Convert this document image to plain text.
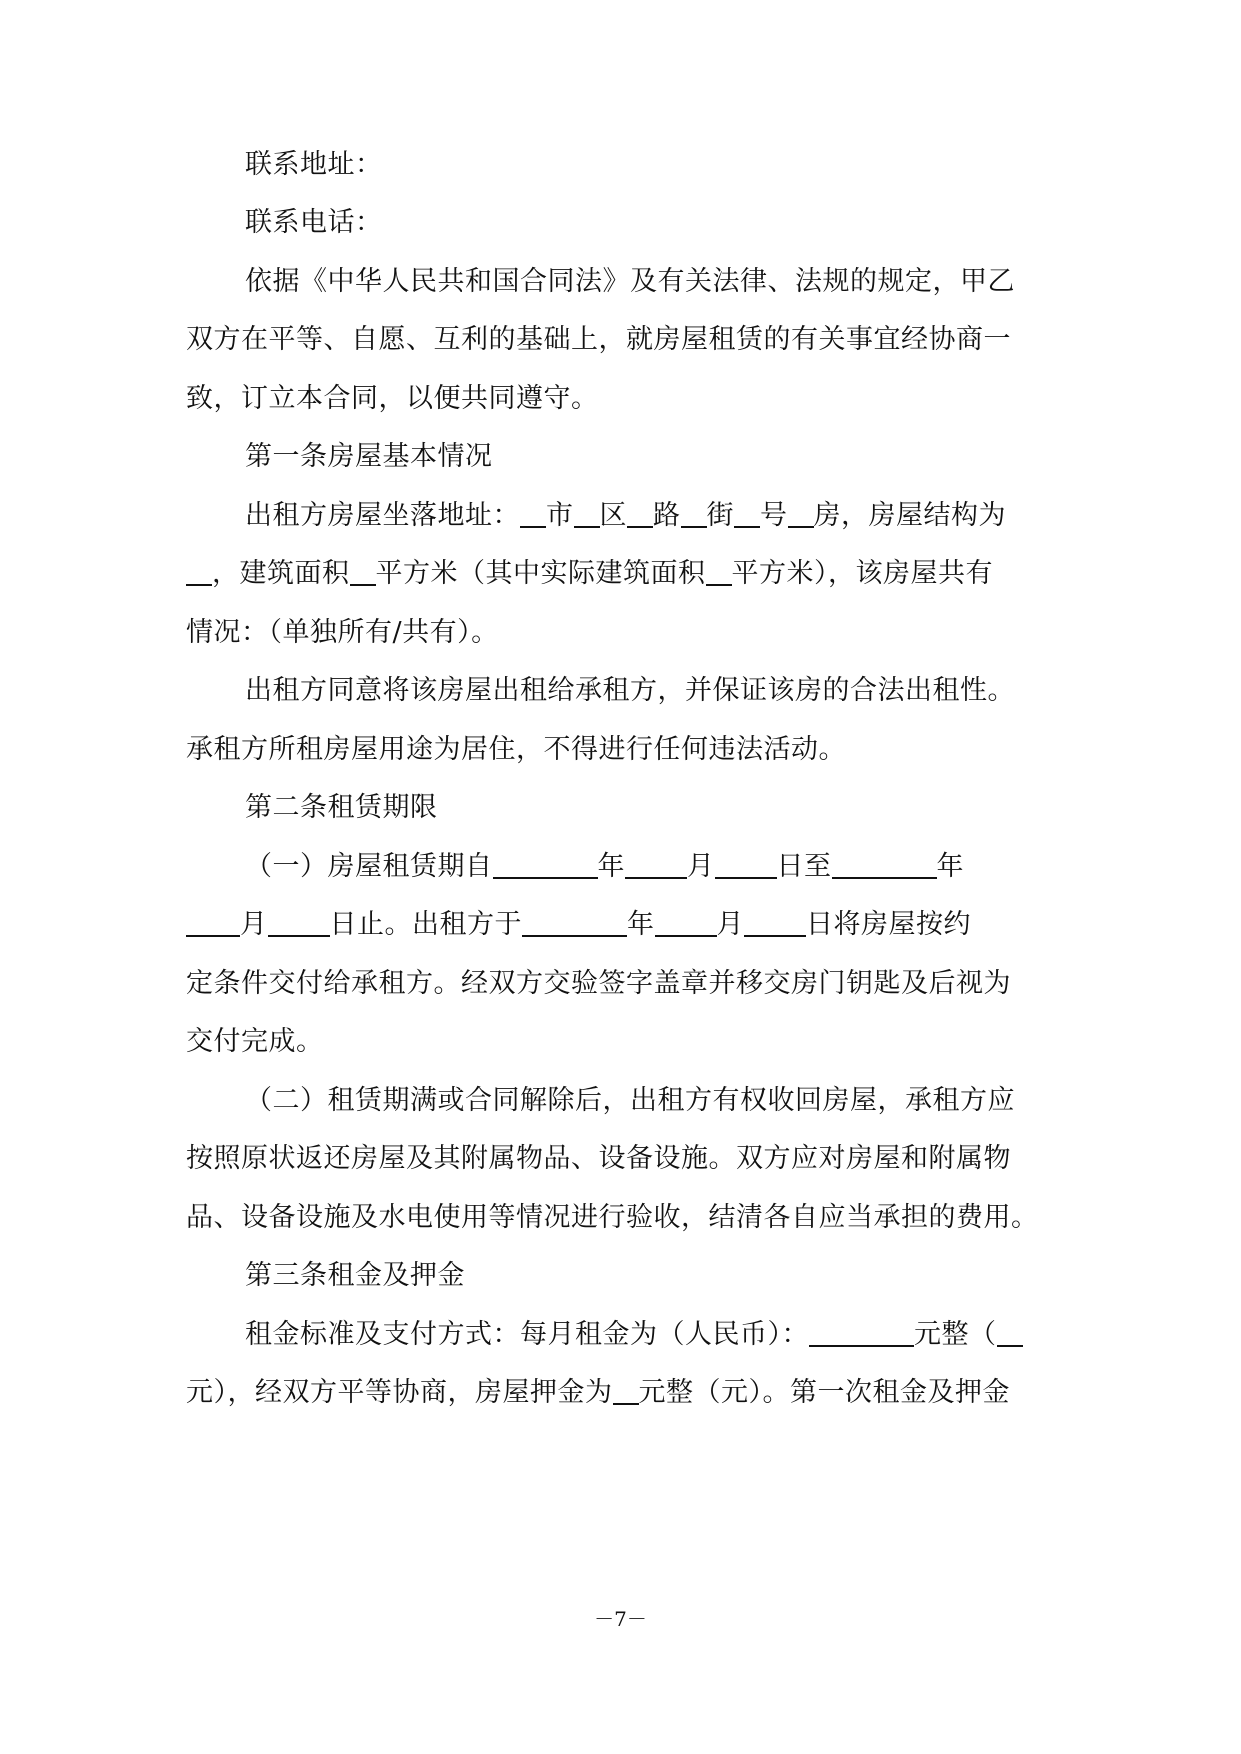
联系地址：
联系电话：
依据《中华人民共和国合同法》及有关法律、法规的规定，甲乙
双方在平等、自愿、互利的基础上，就房屋租赁的有关事宜经协商一
致，订立本合同，以便共同遵守。
第一条房屋基本情况
出租方房屋坐落地址： 市 区 路 街 号 房，房屋结构为
，建筑面积 平方米（其中实际建筑面积 平方米），该房屋共有
情况：（单独所有/共有）。
出租方同意将该房屋出租给承租方，并保证该房的合法出租性。
承租方所租房屋用途为居住，不得进行任何违法活动。
第二条租赁期限
（一）房屋租赁期自	年 月 日至	年
月 日止。出租方于	年 月 日将房屋按约
定条件交付给承租方。经双方交验签字盖章并移交房门钥匙及后视为
交付完成。
（二）租赁期满或合同解除后，出租方有权收回房屋，承租方应
按照原状返还房屋及其附属物品、设备设施。双方应对房屋和附属物
品、设备设施及水电使用等情况进行验收，结清各自应当承担的费用。
第三条租金及押金
租金标准及支付方式：每月租金为（人民币）：	元整（
元），经双方平等协商，房屋押金为 元整（元）。第一次租金及押金
－7－
